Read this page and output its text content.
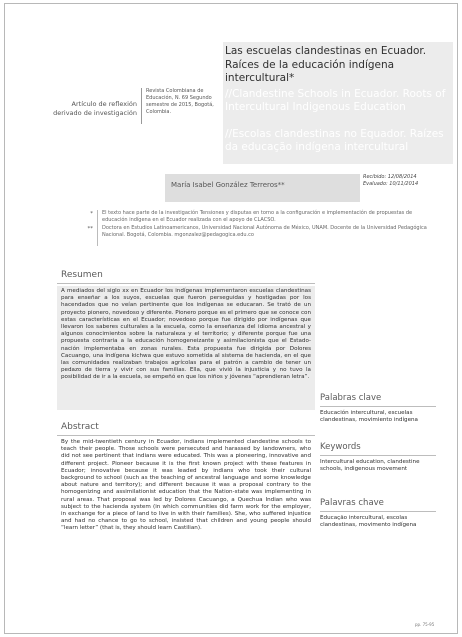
Las escuelas clandestinas en Ecuador. Raíces de la educación indígena intercultural*
//Clandestine Schools in Ecuador. Roots of Intercultural Indigenous Education
//Escolas clandestinas no Equador. Raízes da educação indígena intercultural
Artículo de reflexión derivado de investigación
Revista Colombiana de Educación, N. 69 Segundo semestre de 2015, Bogotá, Colombia.
María Isabel González Terreros**
Recibido: 12/08/2014
Evaluado: 10/11/2014
* El texto hace parte de la investigación Tensiones y disputas en torno a la configuración e implementación de propuestas de educación indígena en el Ecuador realizada con el apoyo de CLACSO.
** Doctora en Estudios Latinoamericanos, Universidad Nacional Autónoma de México, UNAM. Docente de la Universidad Pedagógica Nacional. Bogotá, Colombia. mgonzalez@pedagogica.edu.co
Resumen
A mediados del siglo xx en Ecuador los indígenas implementaron escuelas clandestinas para enseñar a los suyos, escuelas que fueron perseguidas y hostigadas por los hacendados que no veían pertinente que los indígenas se educaran. Se trató de un proyecto pionero, novedoso y diferente. Pionero porque es el primero que se conoce con estas características en el Ecuador; novedoso porque fue dirigido por indígenas que llevaron los saberes culturales a la escuela, como la enseñanza del idioma ancestral y algunos conocimientos sobre la naturaleza y el territorio; y diferente porque fue una propuesta contraria a la educación homogeneizante y asimilacionista que el Estado-nación implementaba en zonas rurales. Esta propuesta fue dirigida por Dolores Cacuango, una indígena kichwa que estuvo sometida al sistema de hacienda, en el que las comunidades realizaban trabajos agrícolas para el patrón a cambio de tener un pedazo de tierra y vivir con sus familias. Ella, que vivió la injusticia y no tuvo la posibilidad de ir a la escuela, se empeñó en que los niños y jóvenes “aprendieran letra”.
Abstract
By the mid-twentieth century in Ecuador, indians implemented clandestine schools to teach their people. Those schools were persecuted and harassed by landowners, who did not see pertinent that indians were educated. This was a pioneering, innovative and different project. Pioneer because it is the first known project with these features in Ecuador; innovative because it was leaded by indians who took their cultural background to school (such as the teaching of ancestral language and some knowledge about nature and territory); and different because it was a proposal contrary to the homogenizing and assimilationist education that the Nation-state was implementing in rural areas. That proposal was led by Dolores Cacuango, a Quechua Indian who was subject to the hacienda system (in which communities did farm work for the employer, in exchange for a piece of land to live in with their families). She, who suffered injustice and had no chance to go to school, insisted that children and young people should “learn letter” (that is, they should learn Castilian).
Palabras clave
Educación intercultural, escuelas clandestinas, movimiento indígena
Keywords
Intercultural education, clandestine schools, indigenous movement
Palavras chave
Educação intercultural, escolas clandestinas, movimento indígena
pp. 75-95
